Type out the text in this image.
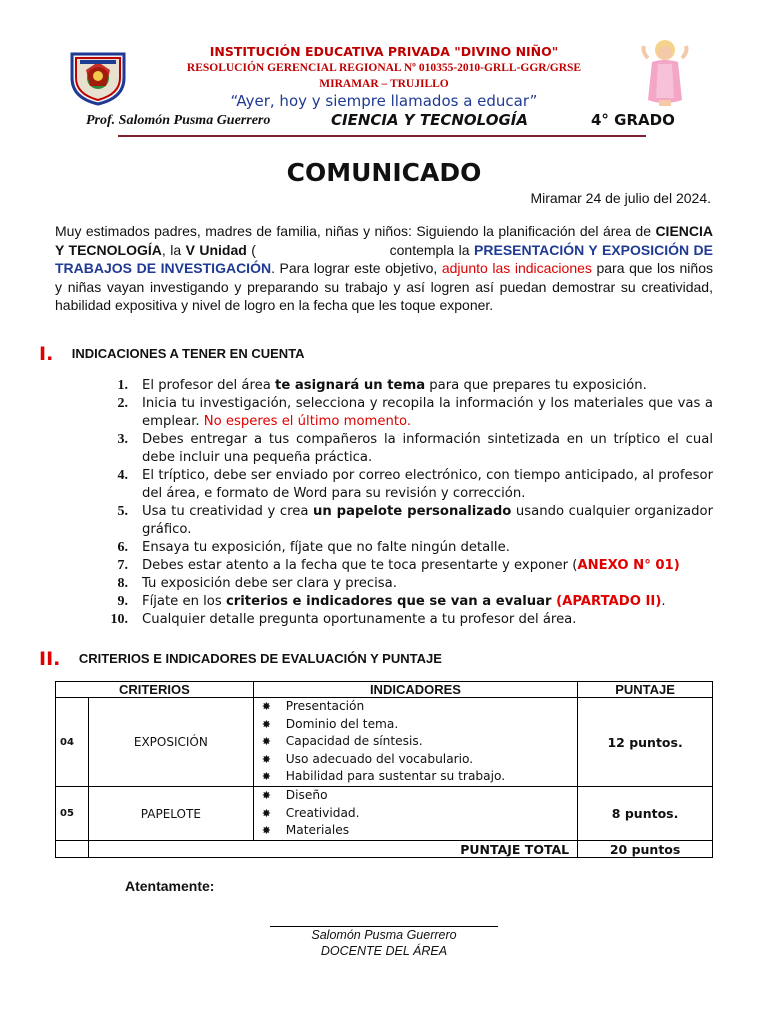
INSTITUCIÓN EDUCATIVA PRIVADA "DIVINO NIÑO"
RESOLUCIÓN GERENCIAL REGIONAL Nº 010355-2010-GRLL-GGR/GRSE
MIRAMAR – TRUJILLO
“Ayer, hoy y siempre llamados a educar”
Prof. Salomón Pusma Guerrero	CIENCIA Y TECNOLOGÍA	4° GRADO
COMUNICADO
Miramar 24 de julio del 2024.
Muy estimados padres, madres de familia, niñas y niños: Siguiendo la planificación del área de CIENCIA Y TECNOLOGÍA, la V Unidad (                              contempla la PRESENTACIÓN Y EXPOSICIÓN DE TRABAJOS DE INVESTIGACIÓN. Para lograr este objetivo, adjunto las indicaciones para que los niños y niñas vayan investigando y preparando su trabajo y así logren así puedan demostrar su creatividad, habilidad expositiva y nivel de logro en la fecha que les toque exponer.
I. INDICACIONES A TENER EN CUENTA
1.	El profesor del área te asignará un tema para que prepares tu exposición.
2.	Inicia tu investigación, selecciona y recopila la información y los materiales que vas a emplear. No esperes el último momento.
3.	Debes entregar a tus compañeros la información sintetizada en un tríptico el cual debe incluir una pequeña práctica.
4.	El tríptico, debe ser enviado por correo electrónico, con tiempo anticipado, al profesor del área, e formato de Word para su revisión y corrección.
5.	Usa tu creatividad y crea un papelote personalizado usando cualquier organizador gráfico.
6.	Ensaya tu exposición, fíjate que no falte ningún detalle.
7.	Debes estar atento a la fecha que te toca presentarte y exponer (ANEXO N° 01)
8.	Tu exposición debe ser clara y precisa.
9.	Fíjate en los criterios e indicadores que se van a evaluar (APARTADO II).
10.	Cualquier detalle pregunta oportunamente a tu profesor del área.
II. CRITERIOS E INDICADORES DE EVALUACIÓN Y PUNTAJE
CRITERIOS		INDICADORES	PUNTAJE
04	EXPOSICIÓN	✸ Presentación
✸ Dominio del tema.
✸ Capacidad de síntesis.
✸ Uso adecuado del vocabulario.
✸ Habilidad para sustentar su trabajo.	12 puntos.
05	PAPELOTE	✸ Diseño
✸ Creatividad.
✸ Materiales	8 puntos.
	PUNTAJE TOTAL		20 puntos
Atentamente:
Salomón Pusma Guerrero
DOCENTE DEL ÁREA
